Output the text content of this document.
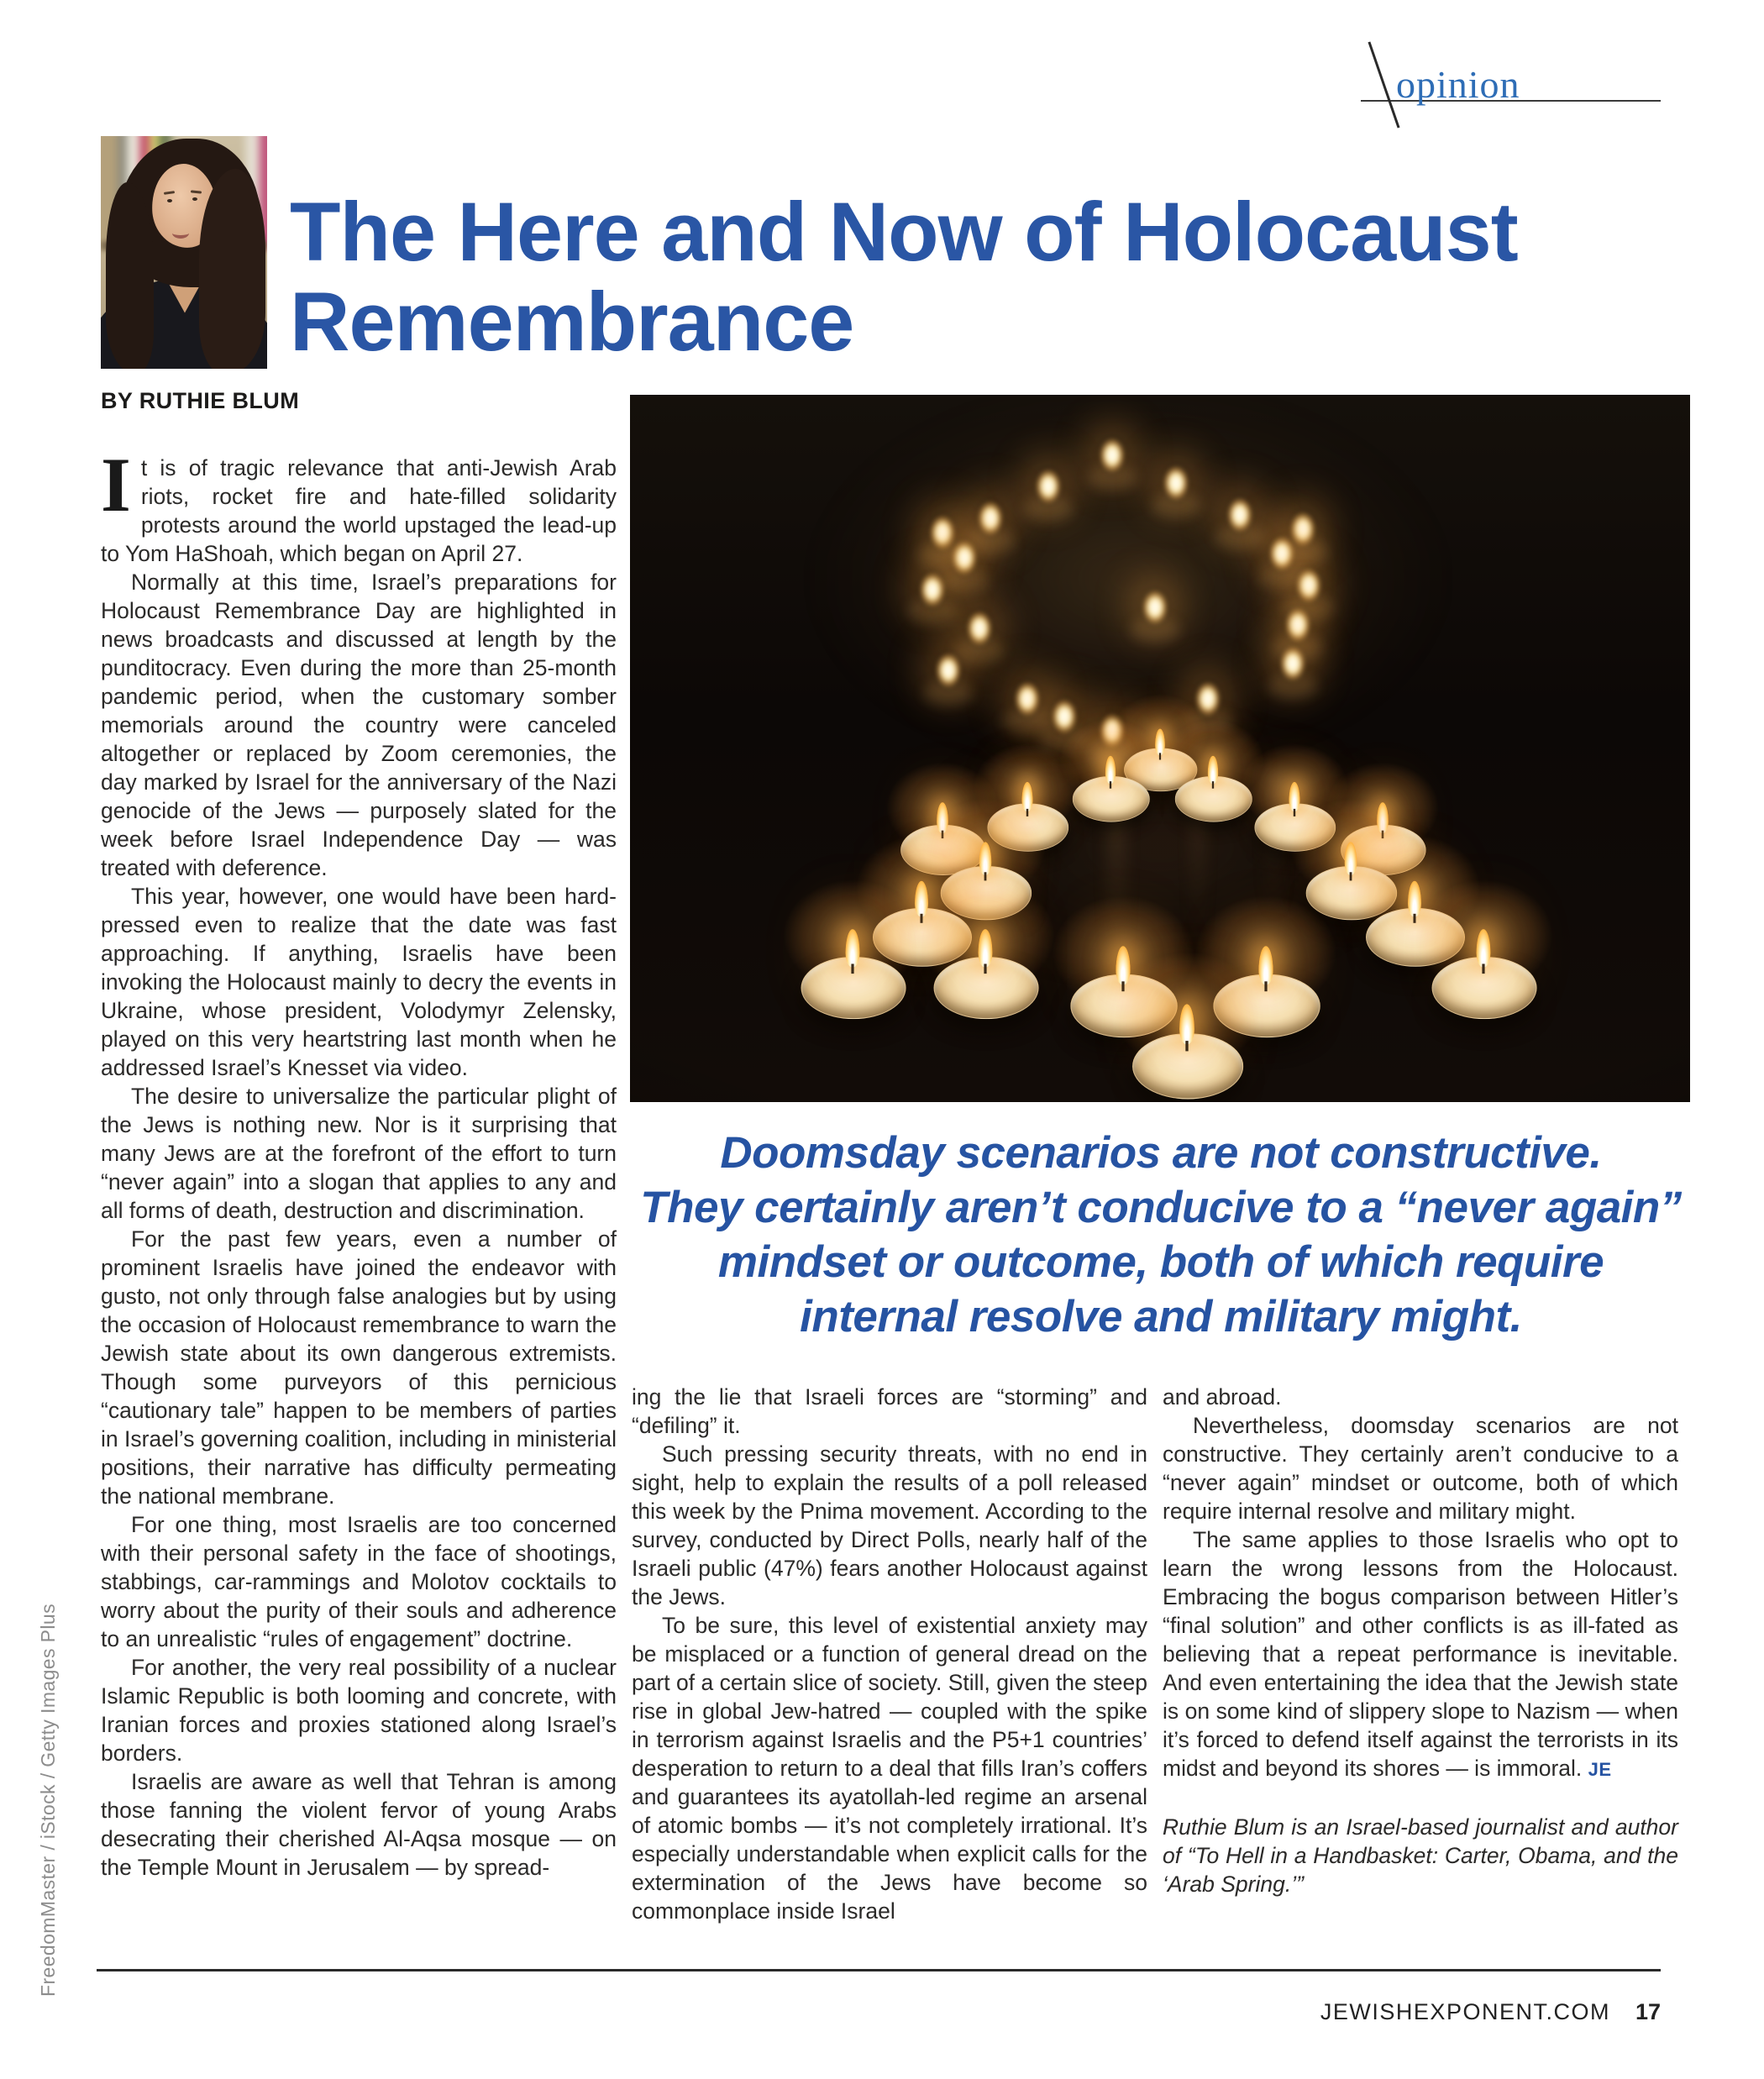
opinion
The Here and Now of Holocaust
Remembrance
BY RUTHIE BLUM

It is of tragic relevance that anti-Jewish Arab riots, rocket fire and hate-filled solidarity protests around the world upstaged the lead-up to Yom HaShoah, which began on April 27.

Normally at this time, Israel’s preparations for Holocaust Remembrance Day are highlighted in news broadcasts and discussed at length by the punditocracy. Even during the more than 25-month pandemic period, when the customary somber memorials around the country were canceled altogether or replaced by Zoom ceremonies, the day marked by Israel for the anniversary of the Nazi genocide of the Jews — purposely slated for the week before Israel Independence Day — was treated with deference.

This year, however, one would have been hard-pressed even to realize that the date was fast approaching. If anything, Israelis have been invoking the Holocaust mainly to decry the events in Ukraine, whose president, Volodymyr Zelensky, played on this very heartstring last month when he addressed Israel’s Knesset via video.

The desire to universalize the particular plight of the Jews is nothing new. Nor is it surprising that many Jews are at the forefront of the effort to turn “never again” into a slogan that applies to any and all forms of death, destruction and discrimination.

For the past few years, even a number of prominent Israelis have joined the endeavor with gusto, not only through false analogies but by using the occasion of Holocaust remembrance to warn the Jewish state about its own dangerous extremists. Though some purveyors of this pernicious “cautionary tale” happen to be members of parties in Israel’s governing coalition, including in ministerial positions, their narrative has difficulty permeating the national membrane.

For one thing, most Israelis are too concerned with their personal safety in the face of shootings, stabbings, car-rammings and Molotov cocktails to worry about the purity of their souls and adherence to an unrealistic “rules of engagement” doctrine.

For another, the very real possibility of a nuclear Islamic Republic is both looming and concrete, with Iranian forces and proxies stationed along Israel’s borders.

Israelis are aware as well that Tehran is among those fanning the violent fervor of young Arabs desecrating their cherished Al-Aqsa mosque — on the Temple Mount in Jerusalem — by spread-

Doomsday scenarios are not constructive.
They certainly aren’t conducive to a “never again”
mindset or outcome, both of which require
internal resolve and military might.

ing the lie that Israeli forces are “storming” and “defiling” it.

Such pressing security threats, with no end in sight, help to explain the results of a poll released this week by the Pnima movement. According to the survey, conducted by Direct Polls, nearly half of the Israeli public (47%) fears another Holocaust against the Jews.

To be sure, this level of existential anxiety may be misplaced or a function of general dread on the part of a certain slice of society. Still, given the steep rise in global Jew-hatred — coupled with the spike in terrorism against Israelis and the P5+1 countries’ desperation to return to a deal that fills Iran’s coffers and guarantees its ayatollah-led regime an arsenal of atomic bombs — it’s not completely irrational. It’s especially understandable when explicit calls for the extermination of the Jews have become so commonplace inside Israel

and abroad.

Nevertheless, doomsday scenarios are not constructive. They certainly aren’t conducive to a “never again” mindset or outcome, both of which require internal resolve and military might.

The same applies to those Israelis who opt to learn the wrong lessons from the Holocaust. Embracing the bogus comparison between Hitler’s “final solution” and other conflicts is as ill-fated as believing that a repeat performance is inevitable. And even entertaining the idea that the Jewish state is on some kind of slippery slope to Nazism — when it’s forced to defend itself against the terrorists in its midst and beyond its shores — is immoral. JE

Ruthie Blum is an Israel-based journalist and author of “To Hell in a Handbasket: Carter, Obama, and the ‘Arab Spring.’”

FreedomMaster / iStock / Getty Images Plus
JEWISHEXPONENT.COM 17
